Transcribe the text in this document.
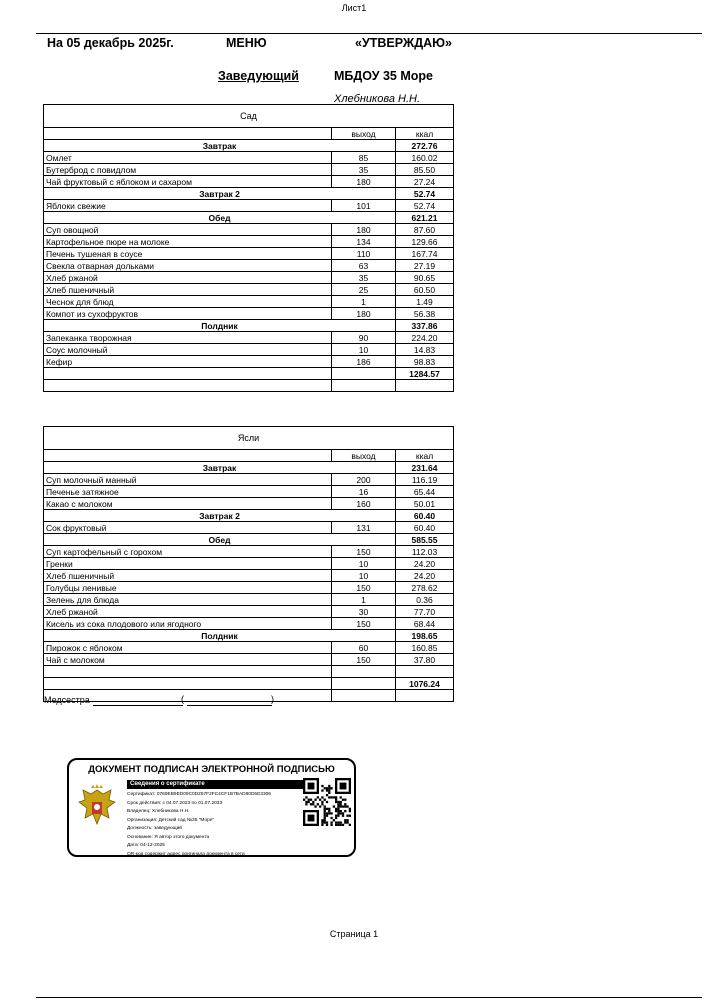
Лист1
На 05 декабрь 2025г.	МЕНЮ	«УТВЕРЖДАЮ»
Заведующий	МБДОУ 35 Море
Хлебникова Н.Н.
Сад		
	выход	ккал
Завтрак		272.76
Омлет	85	160.02
Бутерброд с повидлом	35	85.50
Чай фруктовый с яблоком и сахаром	180	27.24
Завтрак 2		52.74
Яблоки свежие	101	52.74
Обед		621.21
Суп овощной	180	87.60
Картофельное пюре на молоке	134	129.66
Печень тушеная в соусе	110	167.74
Свекла отварная дольками	63	27.19
Хлеб ржаной	35	90.65
Хлеб пшеничный	25	60.50
Чеснок для блюд	1	1.49
Компот из сухофруктов	180	56.38
Полдник		337.86
Запеканка творожная	90	224.20
Соус молочный	10	14.83
Кефир	186	98.83
		1284.57

Ясли		
	выход	ккал
Завтрак		231.64
Суп молочный манный	200	116.19
Печенье затяжное	16	65.44
Какао с молоком	160	50.01
Завтрак 2		60.40
Сок фруктовый	131	60.40
Обед		585.55
Суп картофельный с горохом	150	112.03
Гренки	10	24.20
Хлеб пшеничный	10	24.20
Голубцы ленивые	150	278.62
Зелень для блюда	1	0.36
Хлеб ржаной	30	77.70
Кисель из сока плодового или ягодного	150	68.44
Полдник		198.65
Пирожок с яблоком	60	160.85
Чай с молоком	150	37.80

		1076.24

Медсестра	(	)
ДОКУМЕНТ ПОДПИСАН ЭЛЕКТРОННОЙ ПОДПИСЬЮ
Сведения о сертификате
Сертификат: 0769EB9ED09C0D257F2FC4CF1B7BAD80D5E3306
Срок действия: с 04.07.2023 по 01.07.2033
Владелец: Хлебникова Н.Н.
Организация: Детский сад №35 "Море"
Должность: заведующий
Основание: Я автор этого документа
Дата: 04-12-2025
QR-код содержит адрес оригинала документа в сети
Страница 1
